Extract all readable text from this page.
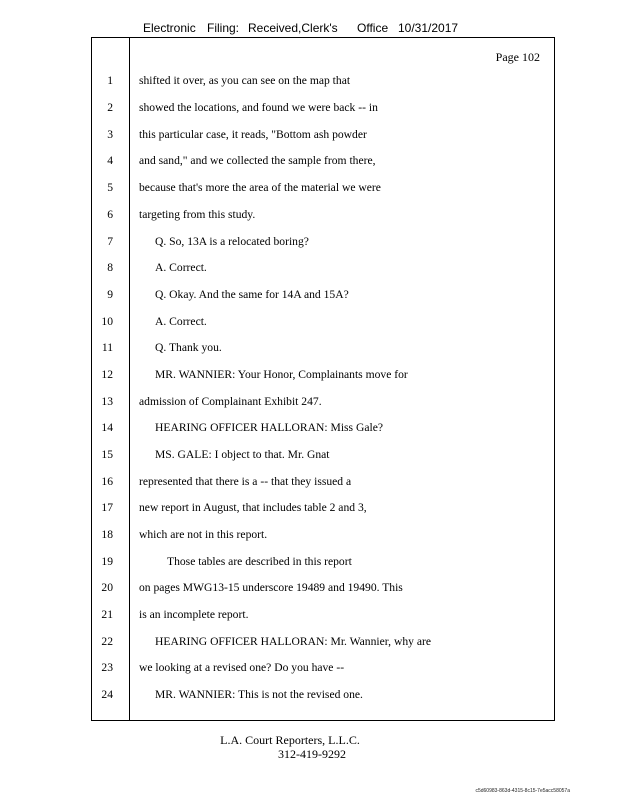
Electronic Filing: Received,Clerk's Office 10/31/2017
Page 102
1 shifted it over, as you can see on the map that
2 showed the locations, and found we were back -- in
3 this particular case, it reads, "Bottom ash powder
4 and sand," and we collected the sample from there,
5 because that's more the area of the material we were
6 targeting from this study.
7	Q. So, 13A is a relocated boring?
8	A. Correct.
9	Q. Okay. And the same for 14A and 15A?
10	A. Correct.
11	Q. Thank you.
12	MR. WANNIER: Your Honor, Complainants move for
13 admission of Complainant Exhibit 247.
14	HEARING OFFICER HALLORAN: Miss Gale?
15	MS. GALE: I object to that. Mr. Gnat
16 represented that there is a -- that they issued a
17 new report in August, that includes table 2 and 3,
18 which are not in this report.
19	Those tables are described in this report
20 on pages MWG13-15 underscore 19489 and 19490. This
21 is an incomplete report.
22	HEARING OFFICER HALLORAN: Mr. Wannier, why are
23 we looking at a revised one? Do you have --
24	MR. WANNIER: This is not the revised one.
L.A. Court Reporters, L.L.C.
312-419-9292
c5d60983-863d-4315-8c15-7e5acc58057a
